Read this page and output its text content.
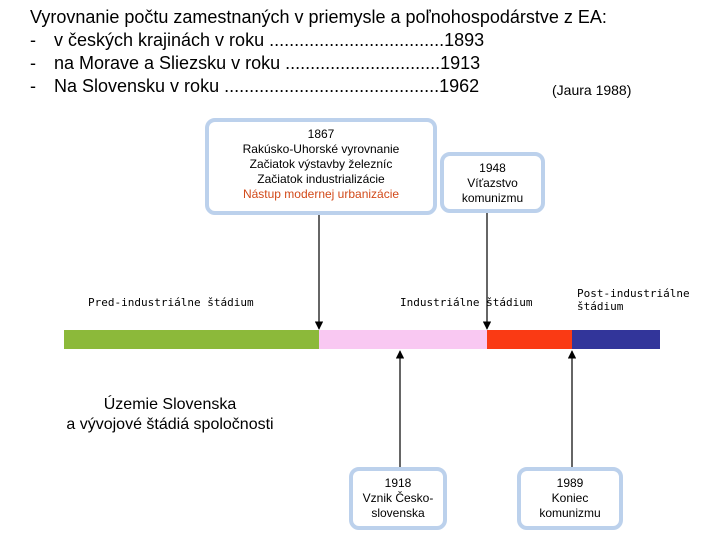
Vyrovnanie počtu zamestnaných v priemysle a poľnohospodárstve z EA:
- v českých krajinách v roku ...................................1893
- na Morave a Sliezsku v roku ...............................1913
- Na Slovensku v roku ...........................................1962	(Jaura 1988)
1867
Rakúsko-Uhorské vyrovnanie
Začiatok výstavby železníc
Začiatok industrializácie
Nástup modernej urbanizácie
1948
Víťazstvo
komunizmu
Pred-industriálne štádium	Industriálne štádium
Post-industriálne
štádium
Územie Slovenska
a vývojové štádiá spoločnosti
1918
Vznik Česko-
slovenska
1989
Koniec
komunizmu
